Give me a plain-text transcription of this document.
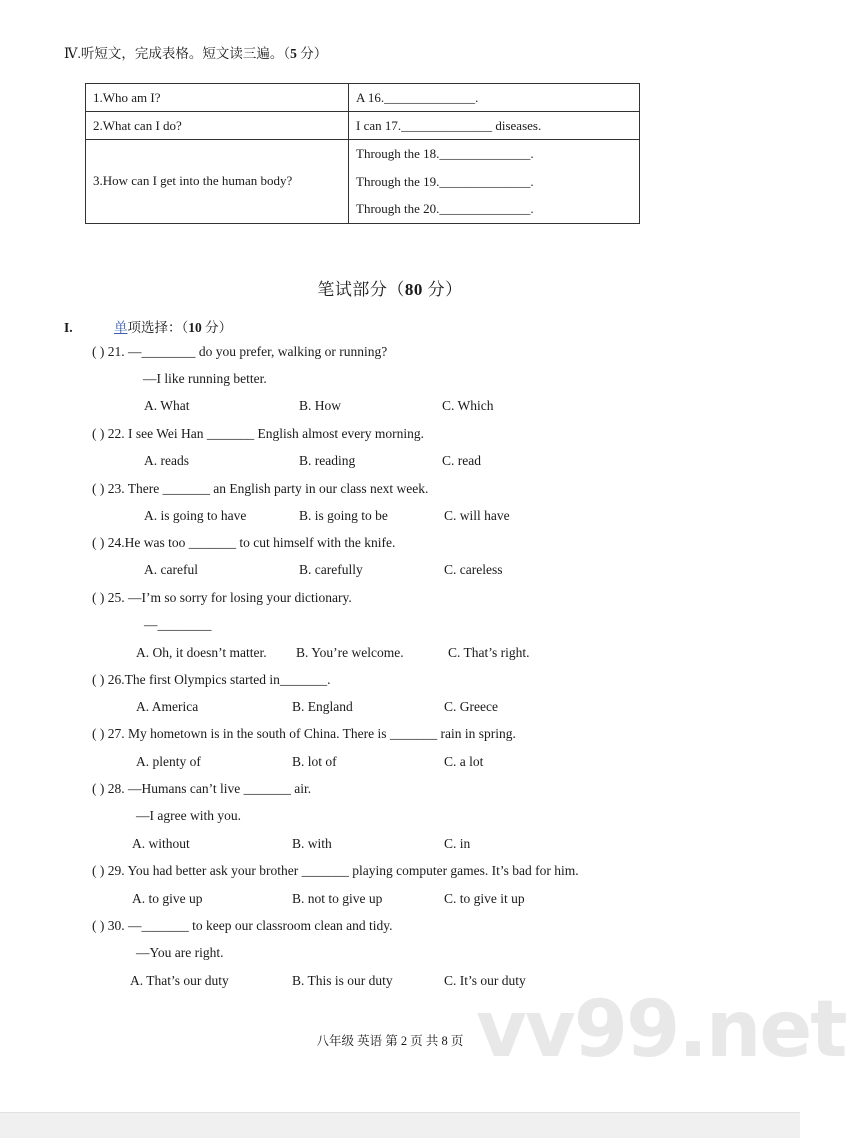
Ⅳ.听短文，完成表格。短文读三遍。（5 分）
1.Who am I?	A 16.______________.
2.What can I do?	I can 17.______________ diseases.
3.How can I get into the human body?	Through the 18.______________.
Through the 19.______________.
Through the 20.______________.
笔试部分（80 分）
I.	单项选择：（10 分）
( ) 21. —________ do you prefer, walking or running?
—I like running better.
A. What	B. How	C. Which
( ) 22. I see Wei Han _______ English almost every morning.
A. reads	B. reading	C. read
( ) 23. There _______ an English party in our class next week.
A. is going to have	B. is going to be	C. will have
( ) 24.He was too _______ to cut himself with the knife.
A. careful	B. carefully	C. careless
( ) 25. —I’m so sorry for losing your dictionary.
—________
A. Oh, it doesn’t matter. B. You’re welcome.	C. That’s right.
( ) 26.The first Olympics started in_______.
A. America	B. England	C. Greece
( ) 27. My hometown is in the south of China. There is _______ rain in spring.
A. plenty of	B. lot of	C. a lot
( ) 28. —Humans can’t live _______ air.
—I agree with you.
A. without	B. with	C. in
( ) 29. You had better ask your brother _______ playing computer games. It’s bad for him.
A. to give up	B. not to give up	C. to give it up
( ) 30. —_______ to keep our classroom clean and tidy.
—You are right.
A. That’s our duty	B. This is our duty	C. It’s our duty
vv99.net
八年级 英语 第 2 页 共 8 页
